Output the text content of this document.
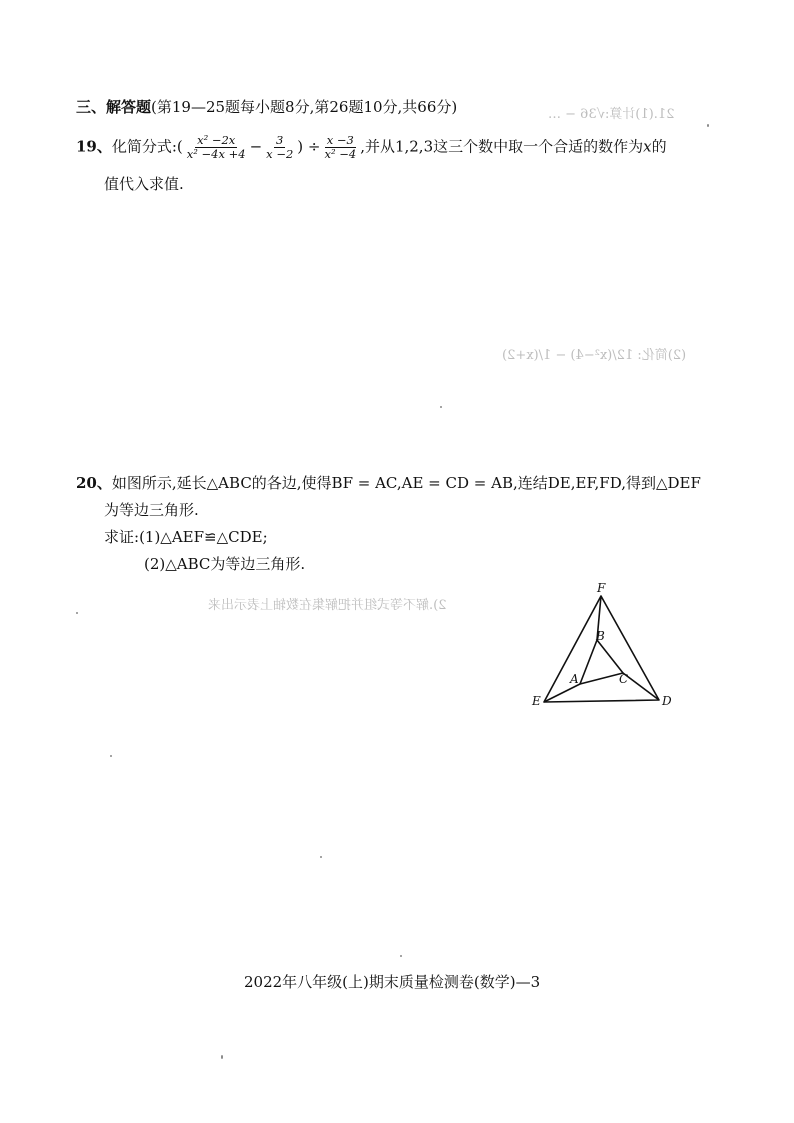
21.(1)计算:√36 − …
(2)简化: 12/(x²−4) − 1/(x+2)
2).解不等式组并把解集在数轴上表示出来
三、解答题(第19—25题每小题8分,第26题10分,共66分)
19、化简分式:( $\frac{\text{x² −2x}}{\text{x² −4x +4}} - \frac{3}{x -2}$ ) ÷ $\frac{x -3}{\text{x² −4}}$ ,并从1,2,3这三个数中取一个合适的数作为x的
值代入求值.
20、如图所示,延长△ABC的各边,使得BF = AC,AE = CD = AB,连结DE,EF,FD,得到△DEF
为等边三角形.
求证:(1)△AEF≌△CDE;
(2)△ABC为等边三角形.
F
B
A	C
E	D
2022年八年级(上)期末质量检测卷(数学)—3
